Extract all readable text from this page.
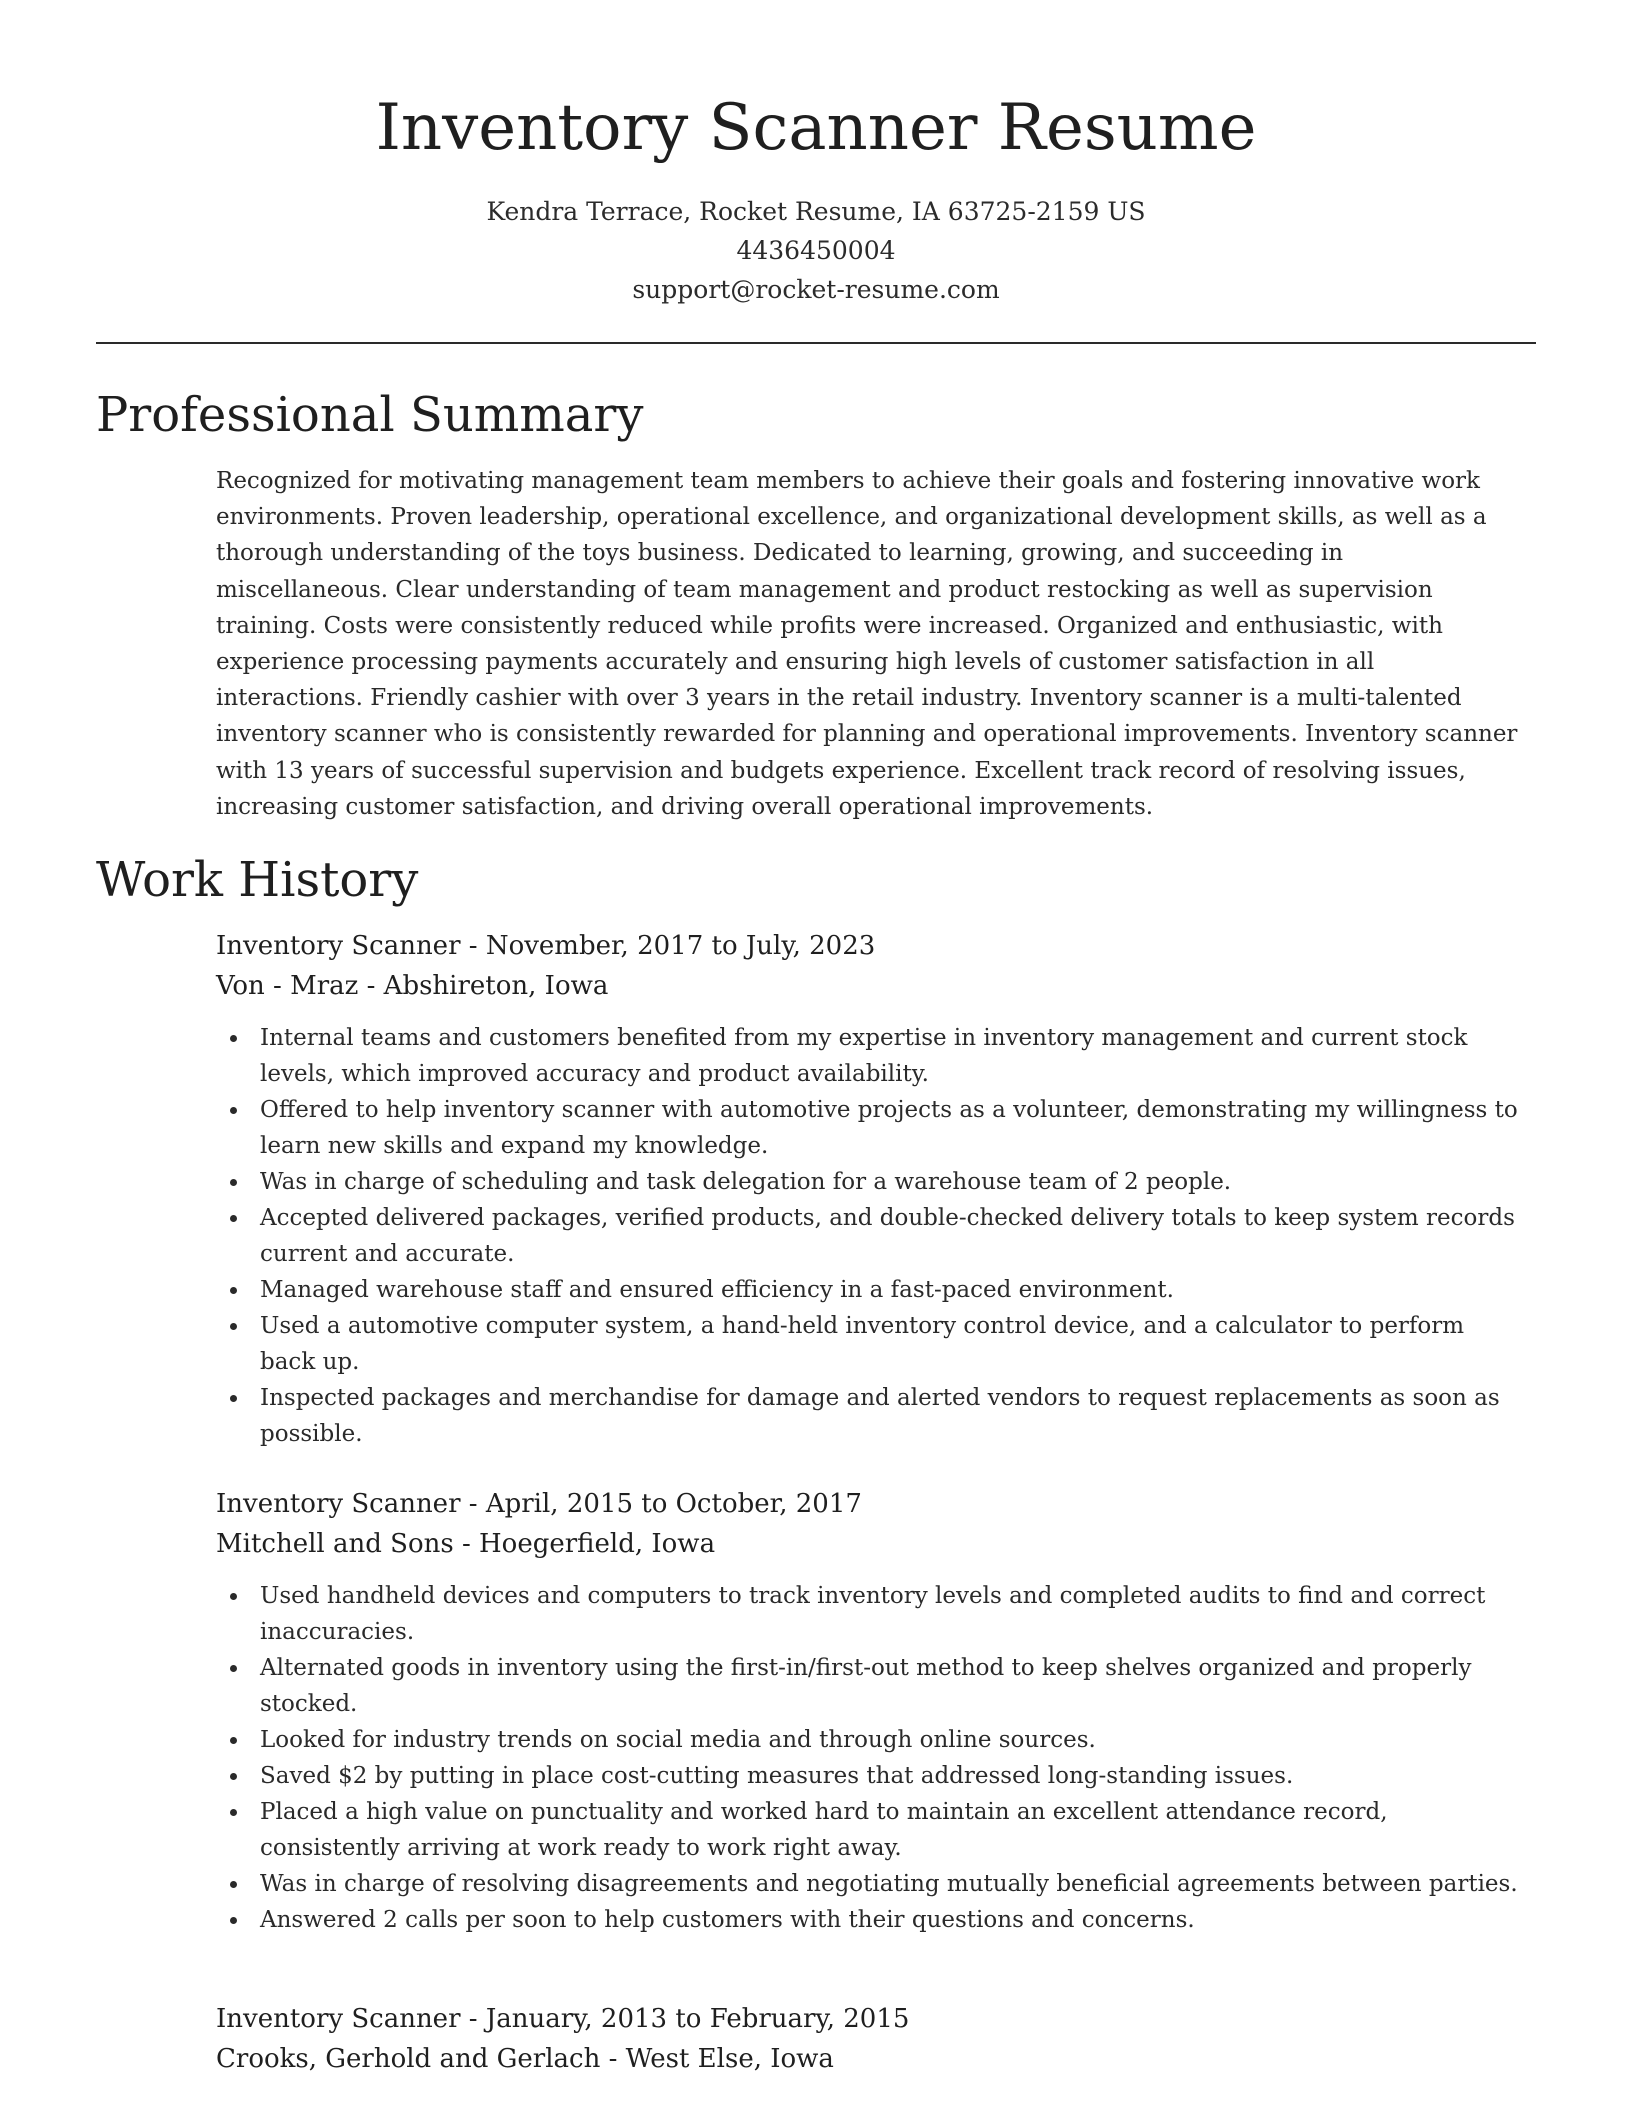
Inventory Scanner Resume
Kendra Terrace, Rocket Resume, IA 63725-2159 US
4436450004
support@rocket-resume.com
Professional Summary

Recognized for motivating management team members to achieve their goals and fostering innovative work environments. Proven leadership, operational excellence, and organizational development skills, as well as a thorough understanding of the toys business. Dedicated to learning, growing, and succeeding in miscellaneous. Clear understanding of team management and product restocking as well as supervision training. Costs were consistently reduced while profits were increased. Organized and enthusiastic, with experience processing payments accurately and ensuring high levels of customer satisfaction in all interactions. Friendly cashier with over 3 years in the retail industry. Inventory scanner is a multi-talented inventory scanner who is consistently rewarded for planning and operational improvements. Inventory scanner with 13 years of successful supervision and budgets experience. Excellent track record of resolving issues, increasing customer satisfaction, and driving overall operational improvements.

Work History
Inventory Scanner - November, 2017 to July, 2023
Von - Mraz - Abshireton, Iowa
Internal teams and customers benefited from my expertise in inventory management and current stock levels, which improved accuracy and product availability.
Offered to help inventory scanner with automotive projects as a volunteer, demonstrating my willingness to learn new skills and expand my knowledge.
Was in charge of scheduling and task delegation for a warehouse team of 2 people.
Accepted delivered packages, verified products, and double-checked delivery totals to keep system records current and accurate.
Managed warehouse staff and ensured efficiency in a fast-paced environment.
Used a automotive computer system, a hand-held inventory control device, and a calculator to perform back up.
Inspected packages and merchandise for damage and alerted vendors to request replacements as soon as possible.
Inventory Scanner - April, 2015 to October, 2017
Mitchell and Sons - Hoegerfield, Iowa
Used handheld devices and computers to track inventory levels and completed audits to find and correct inaccuracies.
Alternated goods in inventory using the first-in/first-out method to keep shelves organized and properly stocked.
Looked for industry trends on social media and through online sources.
Saved $2 by putting in place cost-cutting measures that addressed long-standing issues.
Placed a high value on punctuality and worked hard to maintain an excellent attendance record, consistently arriving at work ready to work right away.
Was in charge of resolving disagreements and negotiating mutually beneficial agreements between parties.
Answered 2 calls per soon to help customers with their questions and concerns.
Inventory Scanner - January, 2013 to February, 2015
Crooks, Gerhold and Gerlach - West Else, Iowa
